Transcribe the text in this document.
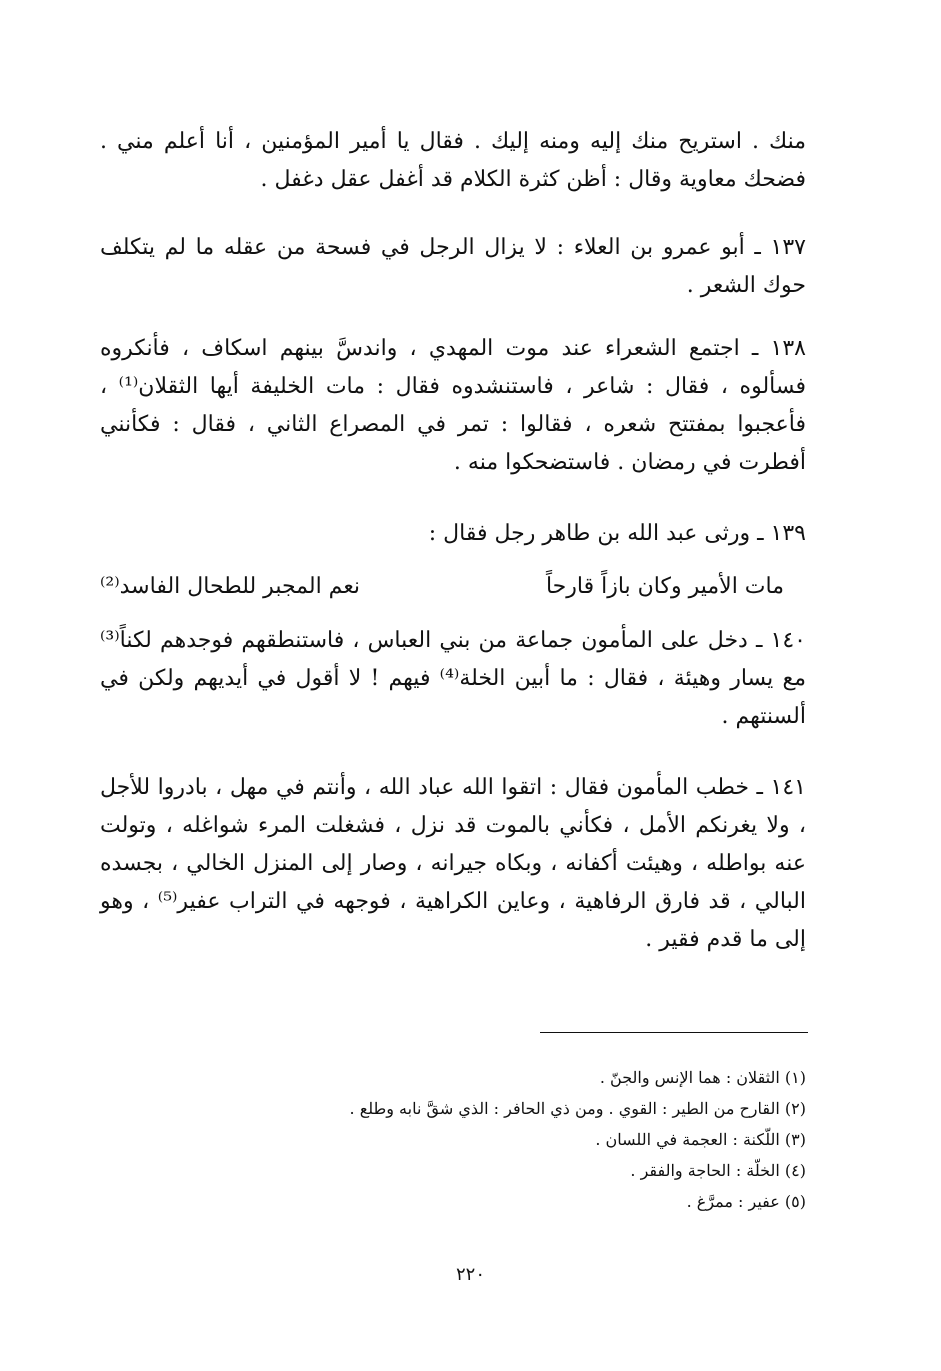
منك . استريح منك إليه ومنه إليك . فقال يا أمير المؤمنين ، أنا أعلم مني . فضحك معاوية وقال : أظن كثرة الكلام قد أغفل عقل دغفل .

١٣٧ ـ أبو عمرو بن العلاء : لا يزال الرجل في فسحة من عقله ما لم يتكلف حوك الشعر .

١٣٨ ـ اجتمع الشعراء عند موت المهدي ، واندسَّ بينهم اسكاف ، فأنكروه فسألوه ، فقال : شاعر ، فاستنشدوه فقال : مات الخليفة أيها الثقلان⁽¹⁾ ، فأعجبوا بمفتتح شعره ، فقالوا : تمر في المصراع الثاني ، فقال : فكأنني أفطرت في رمضان . فاستضحكوا منه .

١٣٩ ـ ورثى عبد الله بن طاهر رجل فقال :

مات الأمير وكان بازاً قارحاً
نعم المجبر للطحال الفاسد⁽²⁾

١٤٠ ـ دخل على المأمون جماعة من بني العباس ، فاستنطقهم فوجدهم لكناً⁽³⁾ مع يسار وهيئة ، فقال : ما أبين الخلة⁽⁴⁾ فيهم ! لا أقول في أيديهم ولكن في ألسنتهم .

١٤١ ـ خطب المأمون فقال : اتقوا الله عباد الله ، وأنتم في مهل ، بادروا للأجل ، ولا يغرنكم الأمل ، فكأني بالموت قد نزل ، فشغلت المرء شواغله ، وتولت عنه بواطله ، وهيئت أكفانه ، وبكاه جيرانه ، وصار إلى المنزل الخالي ، بجسده البالي ، قد فارق الرفاهية ، وعاين الكراهية ، فوجهه في التراب عفير⁽⁵⁾ ، وهو إلى ما قدم فقير .

(١) الثقلان : هما الإنس والجنّ .
(٢) القارح من الطير : القوي . ومن ذي الحافر : الذي شقَّ نابه وطلع .
(٣) اللّكنة : العجمة في اللسان .
(٤) الخلّة : الحاجة والفقر .
(٥) عفير : ممرَّغ .
٢٢٠
